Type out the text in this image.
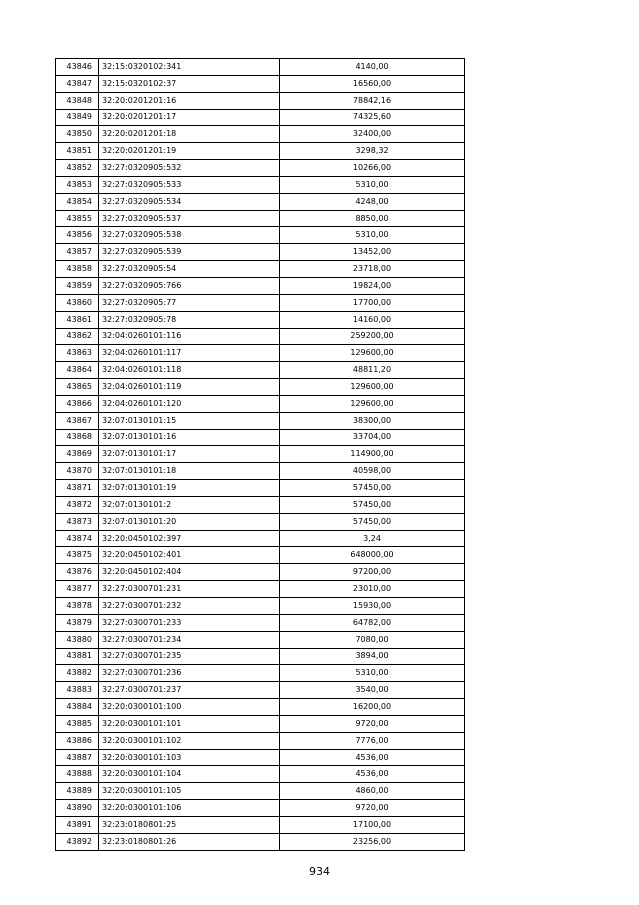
43846	32:15:0320102:341	4140,00
43847	32:15:0320102:37	16560,00
43848	32:20:0201201:16	78842,16
43849	32:20:0201201:17	74325,60
43850	32:20:0201201:18	32400,00
43851	32:20:0201201:19	3298,32
43852	32:27:0320905:532	10266,00
43853	32:27:0320905:533	5310,00
43854	32:27:0320905:534	4248,00
43855	32:27:0320905:537	8850,00
43856	32:27:0320905:538	5310,00
43857	32:27:0320905:539	13452,00
43858	32:27:0320905:54	23718,00
43859	32:27:0320905:766	19824,00
43860	32:27:0320905:77	17700,00
43861	32:27:0320905:78	14160,00
43862	32:04:0260101:116	259200,00
43863	32:04:0260101:117	129600,00
43864	32:04:0260101:118	48811,20
43865	32:04:0260101:119	129600,00
43866	32:04:0260101:120	129600,00
43867	32:07:0130101:15	38300,00
43868	32:07:0130101:16	33704,00
43869	32:07:0130101:17	114900,00
43870	32:07:0130101:18	40598,00
43871	32:07:0130101:19	57450,00
43872	32:07:0130101:2	57450,00
43873	32:07:0130101:20	57450,00
43874	32:20:0450102:397	3,24
43875	32:20:0450102:401	648000,00
43876	32:20:0450102:404	97200,00
43877	32:27:0300701:231	23010,00
43878	32:27:0300701:232	15930,00
43879	32:27:0300701:233	64782,00
43880	32:27:0300701:234	7080,00
43881	32:27:0300701:235	3894,00
43882	32:27:0300701:236	5310,00
43883	32:27:0300701:237	3540,00
43884	32:20:0300101:100	16200,00
43885	32:20:0300101:101	9720,00
43886	32:20:0300101:102	7776,00
43887	32:20:0300101:103	4536,00
43888	32:20:0300101:104	4536,00
43889	32:20:0300101:105	4860,00
43890	32:20:0300101:106	9720,00
43891	32:23:0180801:25	17100,00
43892	32:23:0180801:26	23256,00
934
